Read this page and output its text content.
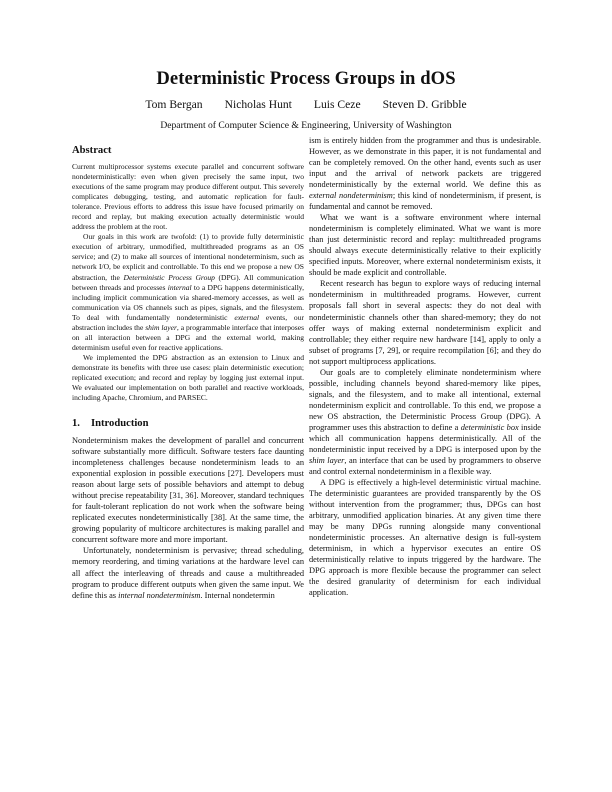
Deterministic Process Groups in dOS
Tom Bergan Nicholas Hunt Luis Ceze Steven D. Gribble
Department of Computer Science & Engineering, University of Washington
Abstract

Current multiprocessor systems execute parallel and concurrent software nondeterministically: even when given precisely the same input, two executions of the same program may produce different output. This severely complicates debugging, testing, and automatic replication for fault-tolerance. Previous efforts to address this issue have focused primarily on record and replay, but making execution actually deterministic would address the problem at the root.

Our goals in this work are twofold: (1) to provide fully deterministic execution of arbitrary, unmodified, multithreaded programs as an OS service; and (2) to make all sources of intentional nondeterminism, such as network I/O, be explicit and controllable. To this end we propose a new OS abstraction, the Deterministic Process Group (DPG). All communication between threads and processes internal to a DPG happens deterministically, including implicit communication via shared-memory accesses, as well as communication via OS channels such as pipes, signals, and the filesystem. To deal with fundamentally nondeterministic external events, our abstraction includes the shim layer, a programmable interface that interposes on all interaction between a DPG and the external world, making determinism useful even for reactive applications.

We implemented the DPG abstraction as an extension to Linux and demonstrate its benefits with three use cases: plain deterministic execution; replicated execution; and record and replay by logging just external input. We evaluated our implementation on both parallel and reactive workloads, including Apache, Chromium, and PARSEC.

1. Introduction

Nondeterminism makes the development of parallel and concurrent software substantially more difficult. Software testers face daunting incompleteness challenges because nondeterminism leads to an exponential explosion in possible executions [27]. Developers must reason about large sets of possible behaviors and attempt to debug without precise repeatability [31, 36]. Moreover, standard techniques for fault-tolerant replication do not work when the software being replicated executes nondeterministically [38]. At the same time, the growing popularity of multicore architectures is making parallel and concurrent software more and more important.

Unfortunately, nondeterminism is pervasive; thread scheduling, memory reordering, and timing variations at the hardware level can all affect the interleaving of threads and cause a multithreaded program to produce different outputs when given the same input. We define this as internal nondeterminism. Internal nondetermin

ism is entirely hidden from the programmer and thus is undesirable. However, as we demonstrate in this paper, it is not fundamental and can be completely removed. On the other hand, events such as user input and the arrival of network packets are triggered nondeterministically by the external world. We define this as external nondeterminism; this kind of nondeterminism, if present, is fundamental and cannot be removed.

What we want is a software environment where internal nondeterminism is completely eliminated. What we want is more than just deterministic record and replay: multithreaded programs should always execute deterministically relative to their explicitly specified inputs. Moreover, where external nondeterminism exists, it should be made explicit and controllable.

Recent research has begun to explore ways of reducing internal nondeterminism in multithreaded programs. However, current proposals fall short in several aspects: they do not deal with nondeterministic channels other than shared-memory; they do not offer ways of making external nondeterminism explicit and controllable; they either require new hardware [14], apply to only a subset of programs [7, 29], or require recompilation [6]; and they do not support multiprocess applications.

Our goals are to completely eliminate nondeterminism where possible, including channels beyond shared-memory like pipes, signals, and the filesystem, and to make all intentional, external nondeterminism explicit and controllable. To this end, we propose a new OS abstraction, the Deterministic Process Group (DPG). A programmer uses this abstraction to define a deterministic box inside which all communication happens deterministically. All of the nondeterministic input received by a DPG is interposed upon by the shim layer, an interface that can be used by programmers to observe and control external nondeterminism in a flexible way.

A DPG is effectively a high-level deterministic virtual machine. The deterministic guarantees are provided transparently by the OS without intervention from the programmer; thus, DPGs can host arbitrary, unmodified application binaries. At any given time there may be many DPGs running alongside many conventional nondeterministic processes. An alternative design is full-system determinism, in which a hypervisor executes an entire OS deterministically relative to inputs triggered by the hardware. The DPG approach is more flexible because the programmer can select the desired granularity of determinism for each individual application.
